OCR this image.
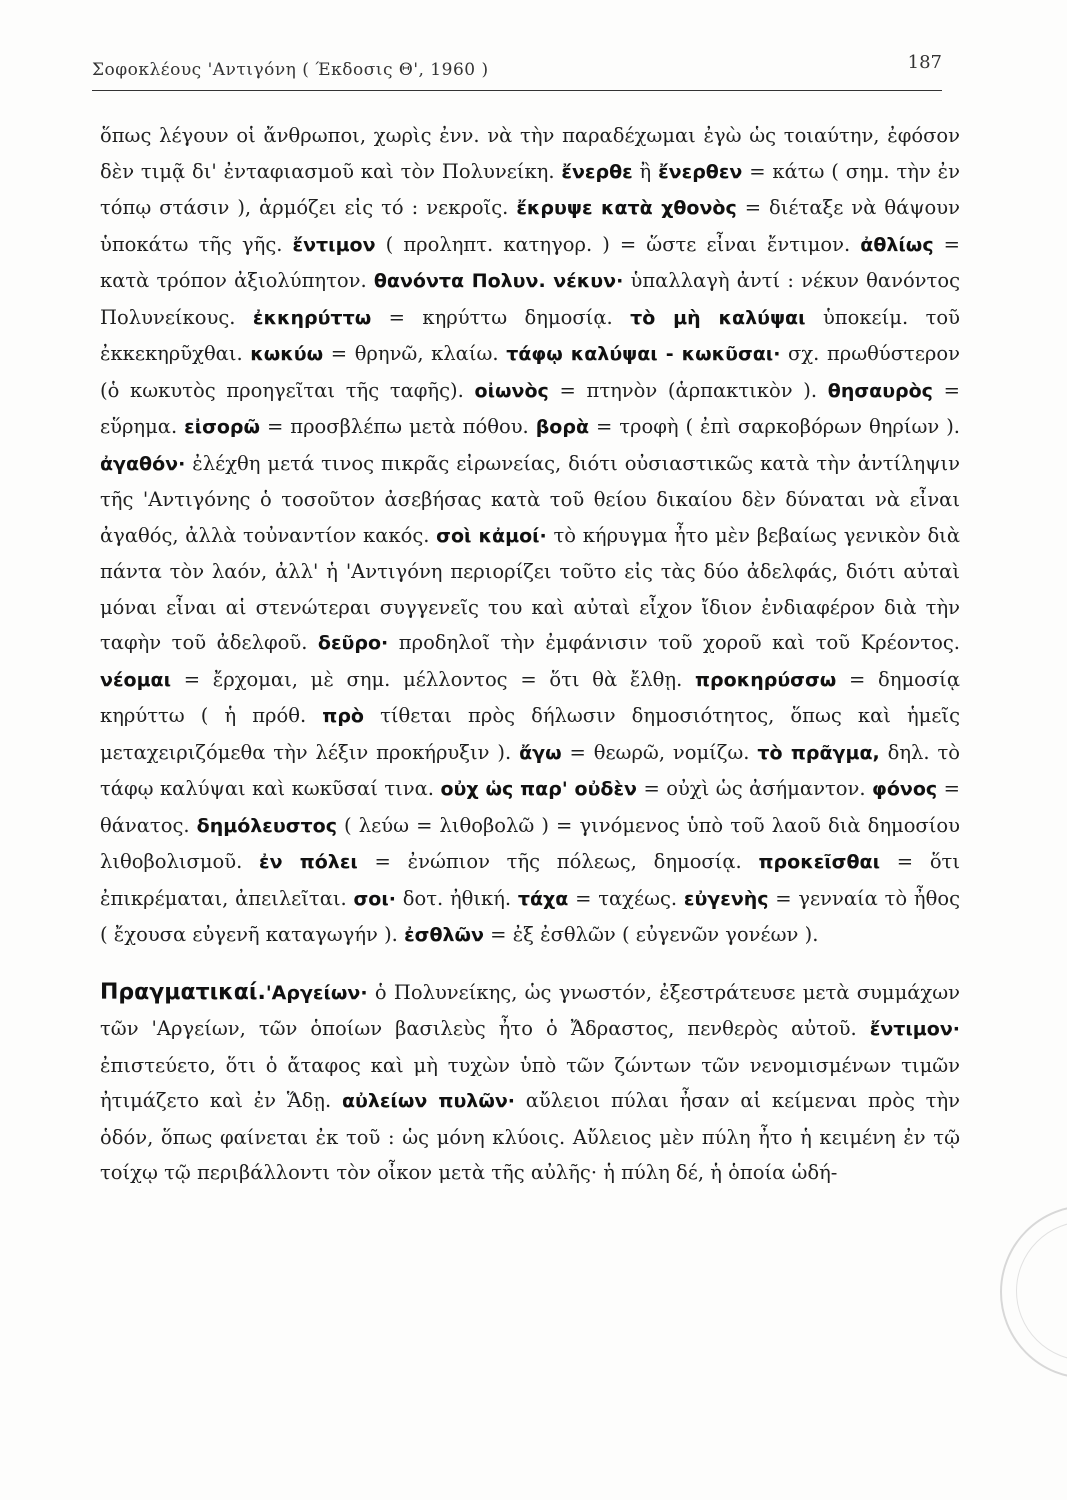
Σοφοκλέους 'Αντιγόνη ( Έκδοσις Θ', 1960 )	187

ὅπως λέγουν οἱ ἄνθρωποι, χωρὶς ἐνν. νὰ τὴν παραδέχωμαι ἐγὼ ὡς τοιαύτην, ἐφόσον δὲν τιμᾷ δι' ἐνταφιασμοῦ καὶ τὸν Πολυνείκη. ἔνερθε ἢ ἔνερθεν = κάτω ( σημ. τὴν ἐν τόπῳ στάσιν ), ἁρμόζει εἰς τό : νεκροῖς. ἔκρυψε κατὰ χθονὸς = διέταξε νὰ θάψουν ὑποκάτω τῆς γῆς. ἔντιμον ( προληπτ. κατηγορ. ) = ὥστε εἶναι ἔντιμον. ἀθλίως = κατὰ τρόπον ἀξιολύπητον. θανόντα Πολυν. νέκυν· ὑπαλλαγὴ ἀντί : νέκυν θανόντος Πολυνείκους. ἐκκηρύττω = κηρύττω δημοσίᾳ. τὸ μὴ καλύψαι ὑποκείμ. τοῦ ἐκκεκηρῦχθαι. κωκύω = θρηνῶ, κλαίω. τάφῳ καλύψαι - κωκῦσαι· σχ. πρωθύστερον (ὁ κωκυτὸς προηγεῖται τῆς ταφῆς). οἰωνὸς = πτηνὸν (ἁρπακτικὸν ). θησαυρὸς = εὕρημα. εἰσορῶ = προσβλέπω μετὰ πόθου. βορὰ = τροφὴ ( ἐπὶ σαρκοβόρων θηρίων ). ἀγαθόν· ἐλέχθη μετά τινος πικρᾶς εἰρωνείας, διότι οὐσιαστικῶς κατὰ τὴν ἀντίληψιν τῆς 'Αντιγόνης ὁ τοσοῦτον ἀσεβήσας κατὰ τοῦ θείου δικαίου δὲν δύναται νὰ εἶναι ἀγαθός, ἀλλὰ τοὐναντίον κακός. σοὶ κἀμοί· τὸ κήρυγμα ἦτο μὲν βεβαίως γενικὸν διὰ πάντα τὸν λαόν, ἀλλ' ἡ 'Αντιγόνη περιορίζει τοῦτο εἰς τὰς δύο ἀδελφάς, διότι αὐταὶ μόναι εἶναι αἱ στενώτεραι συγγενεῖς του καὶ αὐταὶ εἶχον ἴδιον ἐνδιαφέρον διὰ τὴν ταφὴν τοῦ ἀδελφοῦ. δεῦρο· προδηλοῖ τὴν ἐμφάνισιν τοῦ χοροῦ καὶ τοῦ Κρέοντος. νέομαι = ἔρχομαι, μὲ σημ. μέλλοντος = ὅτι θὰ ἔλθῃ. προκηρύσσω = δημοσίᾳ κηρύττω ( ἡ πρόθ. πρὸ τίθεται πρὸς δήλωσιν δημοσιότητος, ὅπως καὶ ἡμεῖς μεταχειριζόμεθα τὴν λέξιν προκήρυξιν ). ἄγω = θεωρῶ, νομίζω. τὸ πρᾶγμα, δηλ. τὸ τάφῳ καλύψαι καὶ κωκῦσαί τινα. οὐχ ὡς παρ' οὐδὲν = οὐχὶ ὡς ἀσήμαντον. φόνος = θάνατος. δημόλευστος ( λεύω = λιθοβολῶ ) = γινόμενος ὑπὸ τοῦ λαοῦ διὰ δημοσίου λιθοβολισμοῦ. ἐν πόλει = ἐνώπιον τῆς πόλεως, δημοσίᾳ. προκεῖσθαι = ὅτι ἐπικρέμαται, ἀπειλεῖται. σοι· δοτ. ἠθική. τάχα = ταχέως. εὐγενὴς = γενναία τὸ ἦθος ( ἔχουσα εὐγενῆ καταγωγήν ). ἐσθλῶν = ἐξ ἐσθλῶν ( εὐγενῶν γονέων ).

Πραγματικαί.'Αργείων· ὁ Πολυνείκης, ὡς γνωστόν, ἐξεστράτευσε μετὰ συμμάχων τῶν 'Αργείων, τῶν ὁποίων βασιλεὺς ἦτο ὁ Ἄδραστος, πενθερὸς αὐτοῦ. ἔντιμον· ἐπιστεύετο, ὅτι ὁ ἄταφος καὶ μὴ τυχὼν ὑπὸ τῶν ζώντων τῶν νενομισμένων τιμῶν ἠτιμάζετο καὶ ἐν Ἅδῃ. αὐλείων πυλῶν· αὔλειοι πύλαι ἦσαν αἱ κείμεναι πρὸς τὴν ὁδόν, ὅπως φαίνεται ἐκ τοῦ : ὡς μόνη κλύοις. Αὔλειος μὲν πύλη ἦτο ἡ κειμένη ἐν τῷ τοίχῳ τῷ περιβάλλοντι τὸν οἶκον μετὰ τῆς αὐλῆς· ἡ πύλη δέ, ἡ ὁποία ὡδή-
